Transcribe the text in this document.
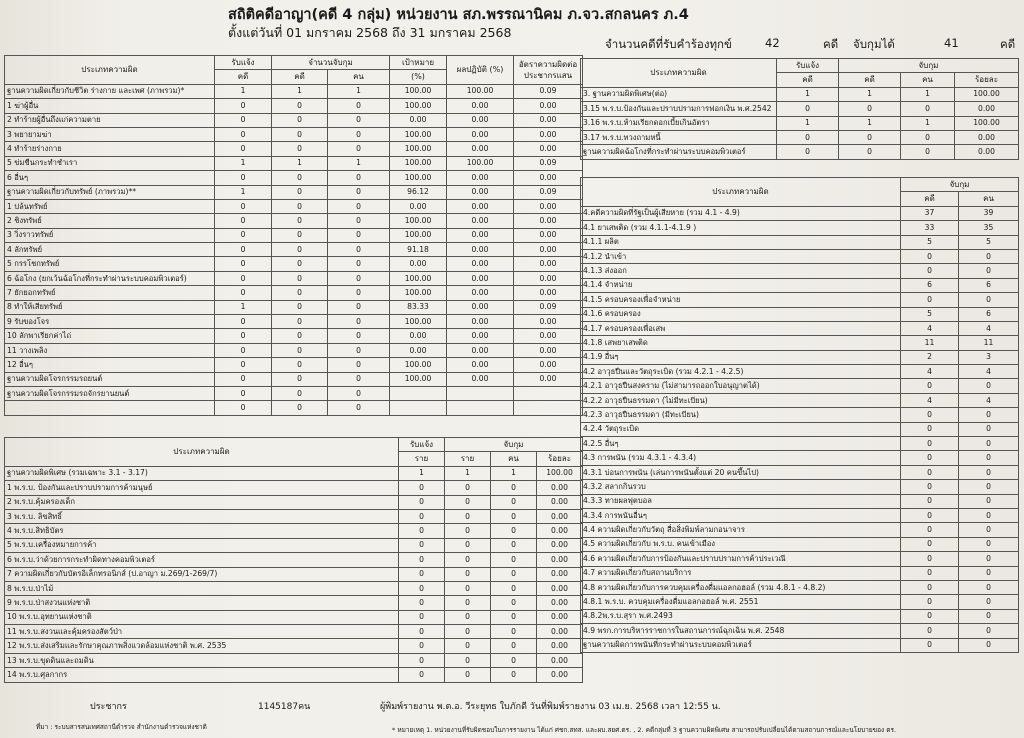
สถิติคดีอาญา(คดี 4 กลุ่ม) หน่วยงาน สภ.พรรณานิคม ภ.จว.สกลนคร ภ.4
ตั้งแต่วันที่ 01 มกราคม 2568 ถึง 31 มกราคม 2568
จำนวนคดีที่รับคำร้องทุกข์	42	คดี จับกุมได้	41	คดี
ประเภทความผิด	รับแจ้ง	จำนวนจับกุม		เป้าหมาย	ผลปฏิบัติ (%)	อัตราความผิดต่อประชากรแสน
	คดี	คดี	คน	(%)		
ฐานความผิดเกี่ยวกับชีวิต ร่างกาย และเพศ (ภาพรวม)*	1	1	1	100.00	100.00	0.09
1 ฆ่าผู้อื่น	0	0	0	100.00	0.00	0.00
2 ทำร้ายผู้อื่นถึงแก่ความตาย	0	0	0	0.00	0.00	0.00
3 พยายามฆ่า	0	0	0	100.00	0.00	0.00
4 ทำร้ายร่างกาย	0	0	0	100.00	0.00	0.00
5 ข่มขืนกระทำชำเรา	1	1	1	100.00	100.00	0.09
6 อื่นๆ	0	0	0	100.00	0.00	0.00
ฐานความผิดเกี่ยวกับทรัพย์ (ภาพรวม)**	1	0	0	96.12	0.00	0.09
1 ปล้นทรัพย์	0	0	0	0.00	0.00	0.00
2 ชิงทรัพย์	0	0	0	100.00	0.00	0.00
3 วิ่งราวทรัพย์	0	0	0	100.00	0.00	0.00
4 ลักทรัพย์	0	0	0	91.18	0.00	0.00
5 กรรโชกทรัพย์	0	0	0	0.00	0.00	0.00
6 ฉ้อโกง (ยกเว้นฉ้อโกงที่กระทำผ่านระบบคอมพิวเตอร์)	0	0	0	100.00	0.00	0.00
7 ยักยอกทรัพย์	0	0	0	100.00	0.00	0.00
8 ทำให้เสียทรัพย์	1	0	0	83.33	0.00	0.09
9 รับของโจร	0	0	0	100.00	0.00	0.00
10 ลักพาเรียกค่าไถ่	0	0	0	0.00	0.00	0.00
11 วางเพลิง	0	0	0	0.00	0.00	0.00
12 อื่นๆ	0	0	0	100.00	0.00	0.00
ฐานความผิดโจรกรรมรถยนต์	0	0	0	100.00	0.00	0.00
ฐานความผิดโจรกรรมรถจักรยานยนต์	0	0	0			
	0	0	0			
ประเภทความผิด	รับแจ้ง	จับกุม		
	ราย	ราย	คน	ร้อยละ
ฐานความผิดพิเศษ (รวมเฉพาะ 3.1 - 3.17)	1	1	1	100.00
1 พ.ร.บ. ป้องกันและปราบปรามการค้ามนุษย์	0	0	0	0.00
2 พ.ร.บ.คุ้มครองเด็ก	0	0	0	0.00
3 พ.ร.บ. ลิขสิทธิ์	0	0	0	0.00
4 พ.ร.บ.สิทธิบัตร	0	0	0	0.00
5 พ.ร.บ.เครื่องหมายการค้า	0	0	0	0.00
6 พ.ร.บ.ว่าด้วยการกระทำผิดทางคอมพิวเตอร์	0	0	0	0.00
7 ความผิดเกี่ยวกับบัตรอิเล็กทรอนิกส์ (ป.อาญา ม.269/1-269/7)	0	0	0	0.00
8 พ.ร.บ.ป่าไม้	0	0	0	0.00
9 พ.ร.บ.ป่าสงวนแห่งชาติ	0	0	0	0.00
10 พ.ร.บ.อุทยานแห่งชาติ	0	0	0	0.00
11 พ.ร.บ.สงวนและคุ้มครองสัตว์ป่า	0	0	0	0.00
12 พ.ร.บ.ส่งเสริมและรักษาคุณภาพสิ่งแวดล้อมแห่งชาติ พ.ศ. 2535	0	0	0	0.00
13 พ.ร.บ.ขุดดินและถมดิน	0	0	0	0.00
14 พ.ร.บ.ศุลกากร	0	0	0	0.00
ประเภทความผิด	รับแจ้ง	จับกุม		
	คดี	คดี	คน	ร้อยละ
3. ฐานความผิดพิเศษ(ต่อ)	1	1	1	100.00
3.15 พ.ร.บ.ป้องกันและปราบปรามการฟอกเงิน พ.ศ.2542	0	0	0	0.00
3.16 พ.ร.บ.ห้ามเรียกดอกเบี้ยเกินอัตรา	1	1	1	100.00
3.17 พ.ร.บ.ทวงถามหนี้	0	0	0	0.00
ฐานความผิดฉ้อโกงที่กระทำผ่านระบบคอมพิวเตอร์	0	0	0	0.00
ประเภทความผิด	จับกุม	
	คดี	คน
4.คดีความผิดที่รัฐเป็นผู้เสียหาย (รวม 4.1 - 4.9)	37	39
4.1 ยาเสพติด (รวม 4.1.1-4.1.9 )	33	35
4.1.1 ผลิต	5	5
4.1.2 นำเข้า	0	0
4.1.3 ส่งออก	0	0
4.1.4 จำหน่าย	6	6
4.1.5 ครอบครองเพื่อจำหน่าย	0	0
4.1.6 ครอบครอง	5	6
4.1.7 ครอบครองเพื่อเสพ	4	4
4.1.8 เสพยาเสพติด	11	11
4.1.9 อื่นๆ	2	3
4.2 อาวุธปืนและวัตถุระเบิด (รวม 4.2.1 - 4.2.5)	4	4
4.2.1 อาวุธปืนสงคราม (ไม่สามารถออกใบอนุญาตได้)	0	0
4.2.2 อาวุธปืนธรรมดา (ไม่มีทะเบียน)	4	4
4.2.3 อาวุธปืนธรรมดา (มีทะเบียน)	0	0
4.2.4 วัตถุระเบิด	0	0
4.2.5 อื่นๆ	0	0
4.3 การพนัน (รวม 4.3.1 - 4.3.4)	0	0
4.3.1 บ่อนการพนัน (เล่นการพนันตั้งแต่ 20 คนขึ้นไป)	0	0
4.3.2 สลากกินรวบ	0	0
4.3.3 ทายผลฟุตบอล	0	0
4.3.4 การพนันอื่นๆ	0	0
4.4 ความผิดเกี่ยวกับวัตถุ สื่อสิ่งพิมพ์ลามกอนาจาร	0	0
4.5 ความผิดเกี่ยวกับ พ.ร.บ. คนเข้าเมือง	0	0
4.6 ความผิดเกี่ยวกับการป้องกันและปราบปรามการค้าประเวณี	0	0
4.7 ความผิดเกี่ยวกับสถานบริการ	0	0
4.8 ความผิดเกี่ยวกับการควบคุมเครื่องดื่มแอลกอฮอล์ (รวม 4.8.1 - 4.8.2)	0	0
4.8.1 พ.ร.บ. ควบคุมเครื่องดื่มแอลกอฮอล์ พ.ศ. 2551	0	0
4.8.2พ.ร.บ.สุรา พ.ศ.2493	0	0
4.9 พรก.การบริหารราชการในสถานการณ์ฉุกเฉิน พ.ศ. 2548	0	0
ฐานความผิดการพนันที่กระทำผ่านระบบคอมพิวเตอร์	0	0
ประชากร	1145187คน	ผู้พิมพ์รายงาน พ.ต.อ. วีระยุทธ ใบภักดี วันที่พิมพ์รายงาน 03 เม.ย. 2568 เวลา 12:55 น.
ที่มา : ระบบสารสนเทศสถานีตำรวจ สำนักงานตำรวจแห่งชาติ	* หมายเหตุ 1. หน่วยงานที่รับผิดชอบในการรายงาน ได้แก่ ศชก.สทส. และผบ.สยศ.ตร. , 2. คดีกลุ่มที่ 3 ฐานความผิดพิเศษ สามารถปรับเปลี่ยนได้ตามสถานการณ์และนโยบายของ ตร.
